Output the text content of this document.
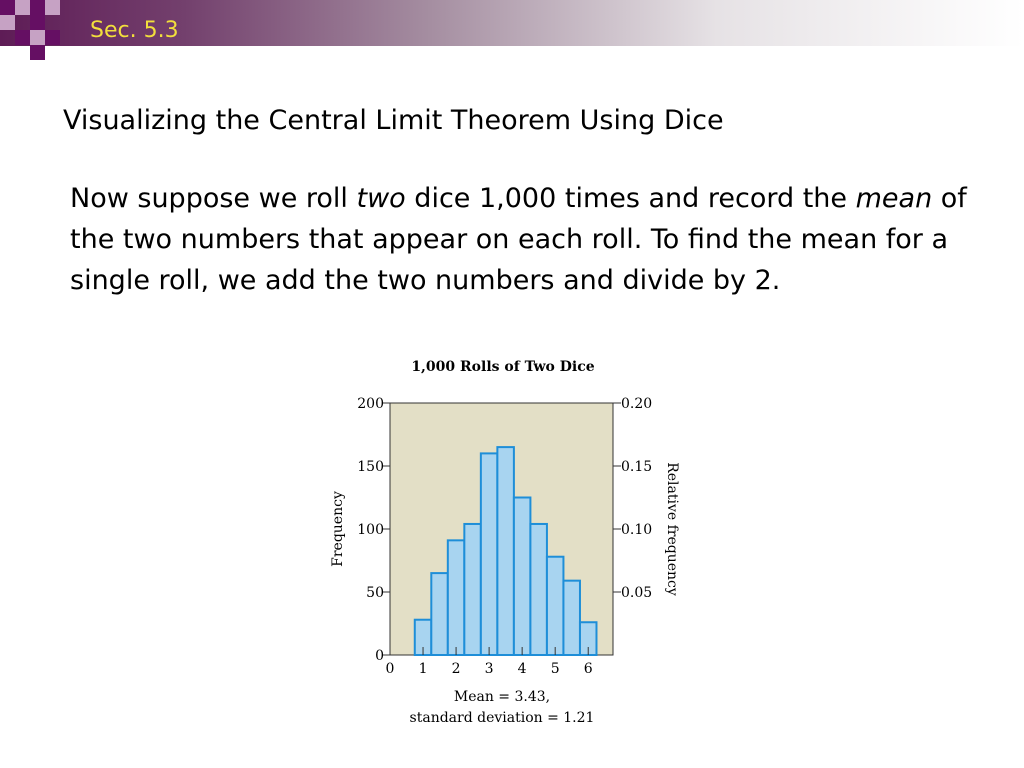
Sec. 5.3
Visualizing the Central Limit Theorem Using Dice

Now suppose we roll two dice 1,000 times and record the mean of the two numbers that appear on each roll. To find the mean for a single roll, we add the two numbers and divide by 2.

1,000 Rolls of Two Dice
0
50
100
150
200
0.05
0.10
0.15
0.20
0 1 2 3 4 5 6
Frequency	Relative frequency
Mean = 3.43,
standard deviation = 1.21
